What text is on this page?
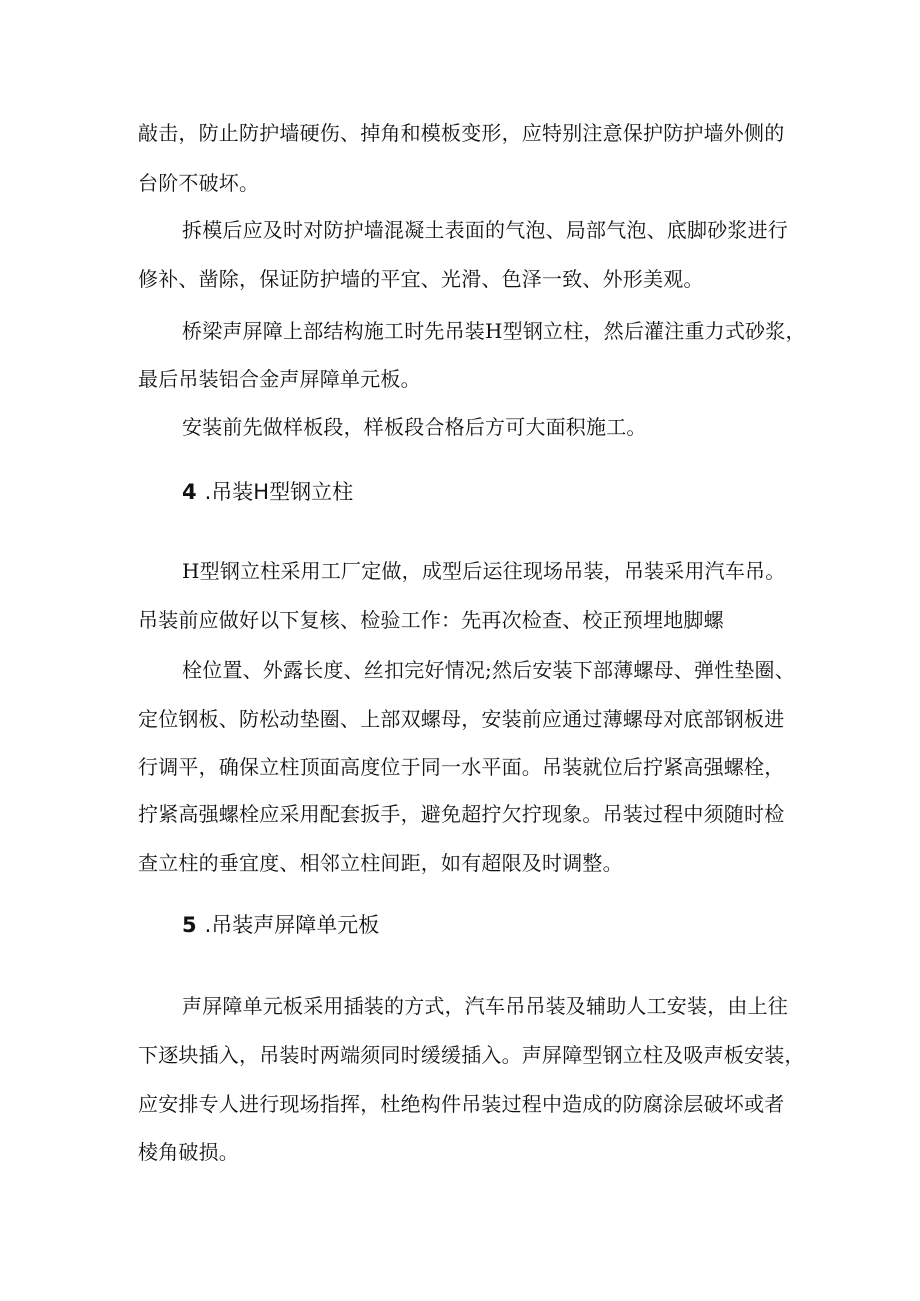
敲击，防止防护墙硬伤、掉角和模板变形，应特别注意保护防护墙外侧的
台阶不破坏。
拆模后应及时对防护墙混凝土表面的气泡、局部气泡、底脚砂浆进行
修补、凿除，保证防护墙的平宜、光滑、色泽一致、外形美观。
桥梁声屏障上部结构施工时先吊装H型钢立柱，然后灌注重力式砂浆，
最后吊装铝合金声屏障单元板。
安装前先做样板段，样板段合格后方可大面积施工。
4 .吊装H型钢立柱
H型钢立柱采用工厂定做，成型后运往现场吊装，吊装采用汽车吊。
吊装前应做好以下复核、检验工作：先再次检查、校正预埋地脚螺
栓位置、外露长度、丝扣完好情况;然后安装下部薄螺母、弹性垫圈、
定位钢板、防松动垫圈、上部双螺母，安装前应通过薄螺母对底部钢板进
行调平，确保立柱顶面高度位于同一水平面。吊装就位后拧紧高强螺栓，
拧紧高强螺栓应采用配套扳手，避免超拧欠拧现象。吊装过程中须随时检
查立柱的垂宜度、相邻立柱间距，如有超限及时调整。
5 .吊装声屏障单元板
声屏障单元板采用插装的方式，汽车吊吊装及辅助人工安装，由上往
下逐块插入，吊装时两端须同时缓缓插入。声屏障型钢立柱及吸声板安装，
应安排专人进行现场指挥，杜绝构件吊装过程中造成的防腐涂层破坏或者
棱角破损。
